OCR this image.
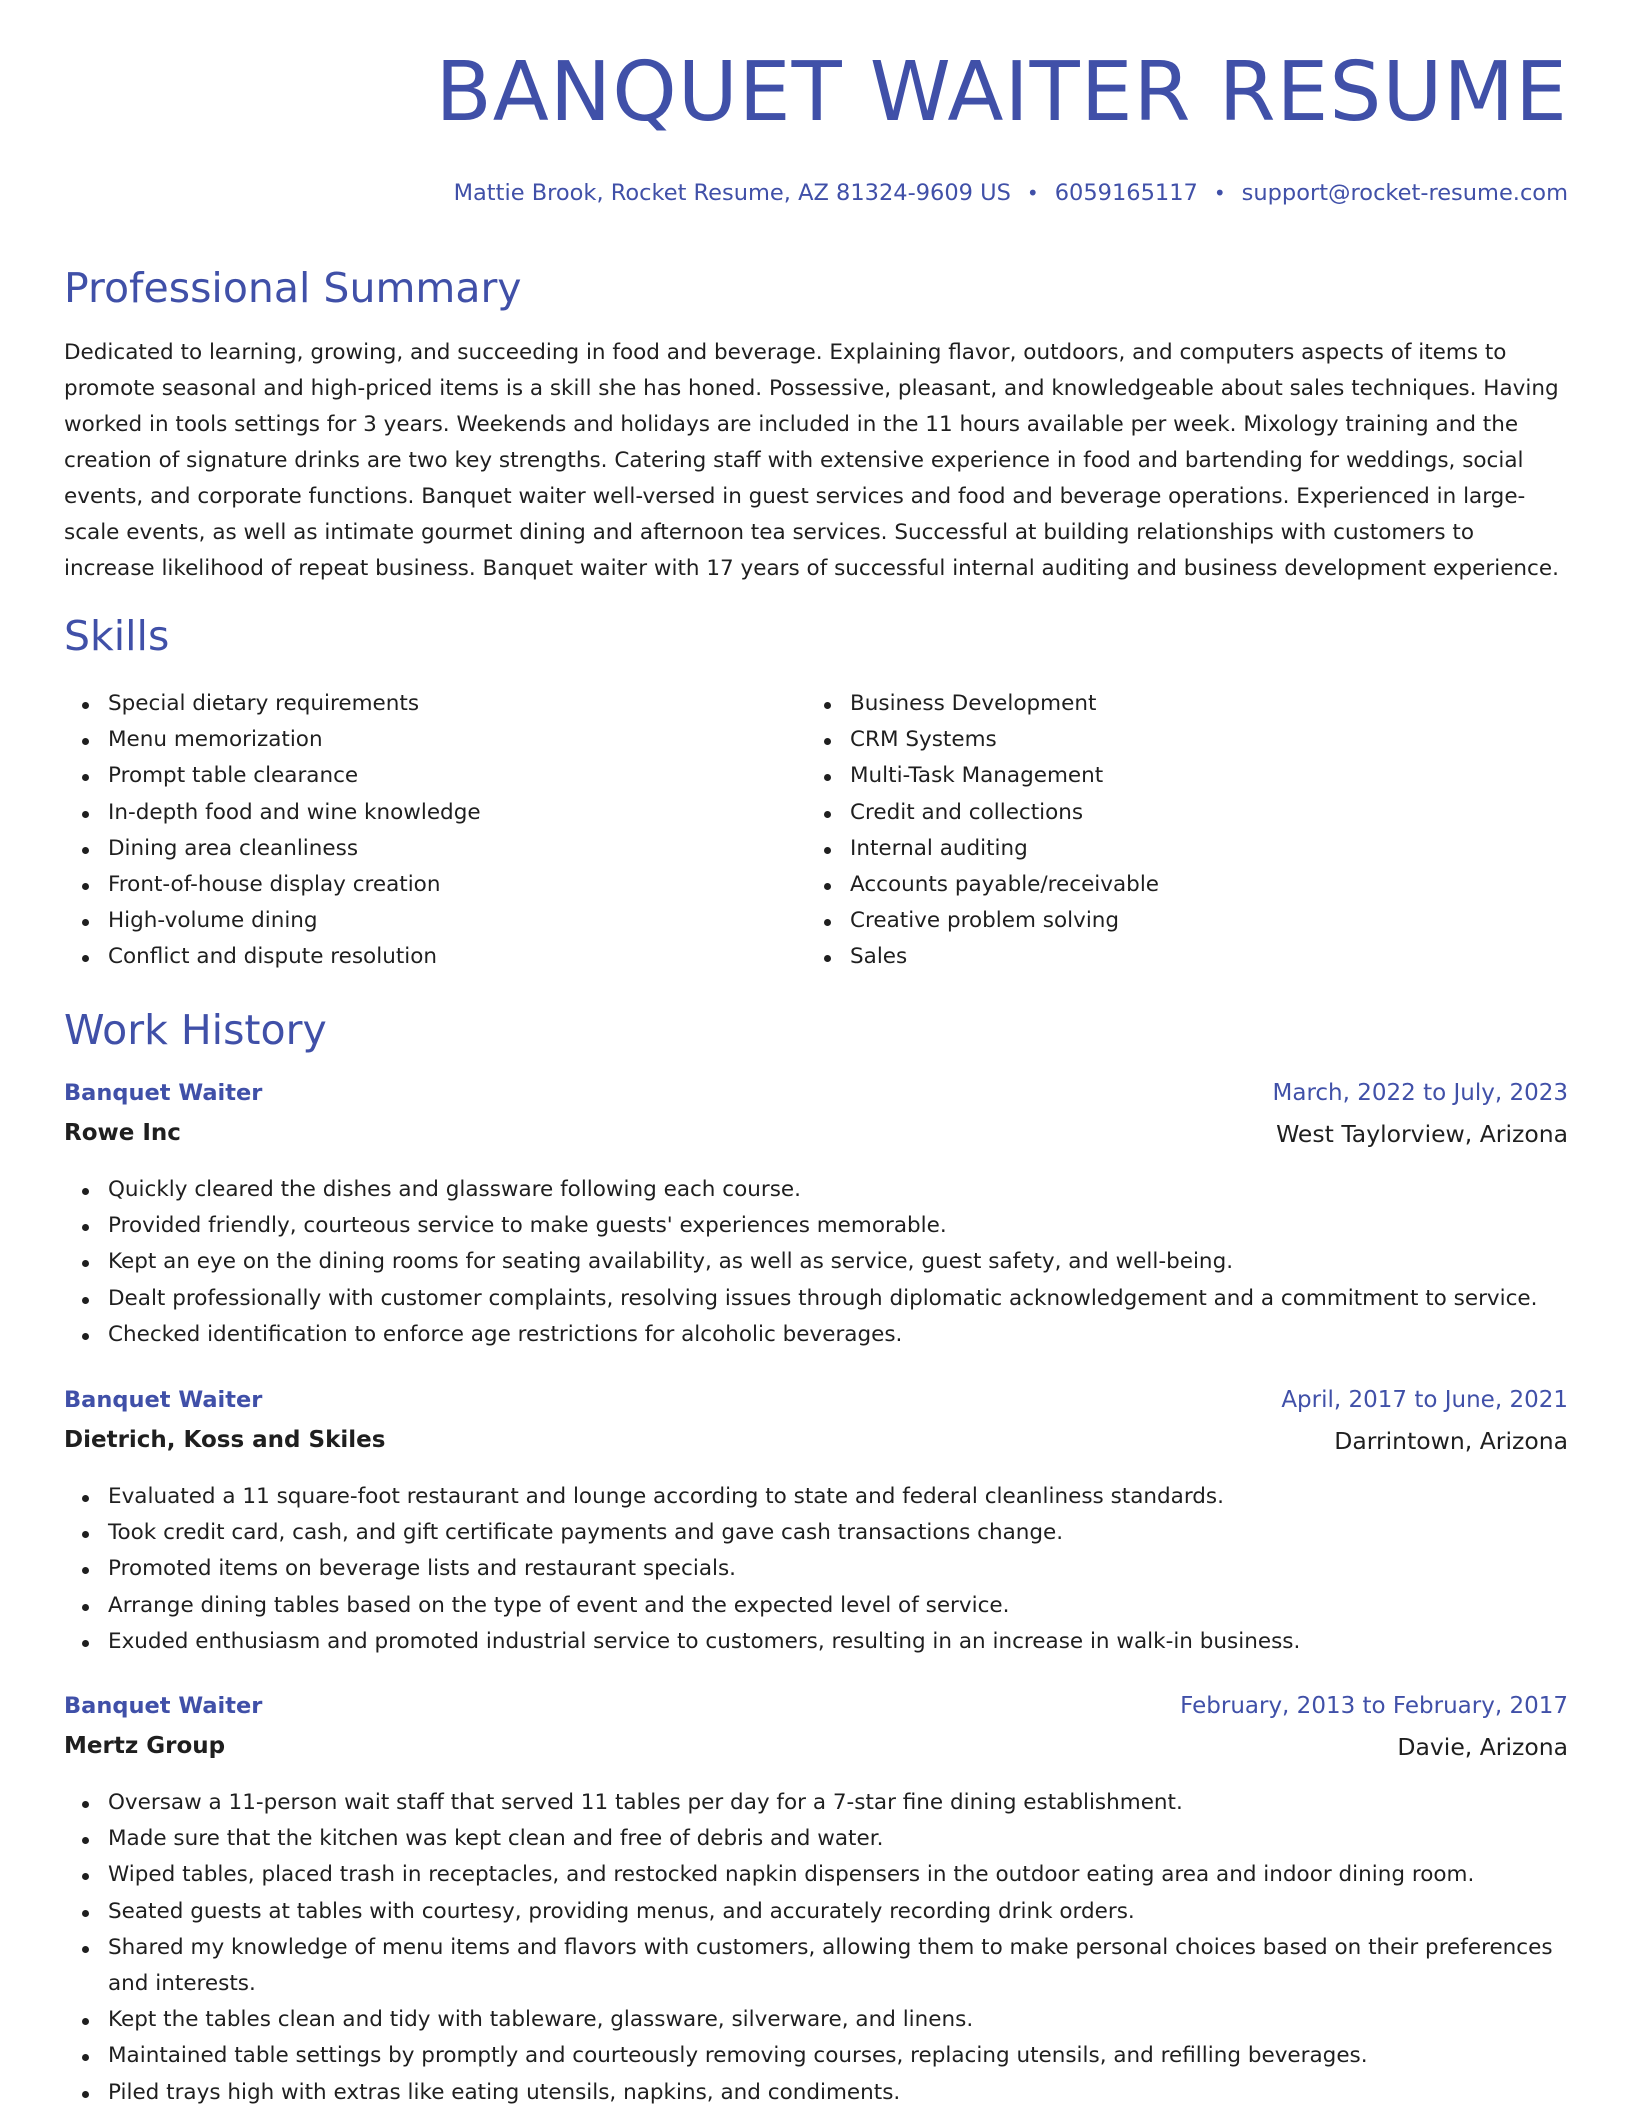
BANQUET WAITER RESUME
Mattie Brook, Rocket Resume, AZ 81324-9609 US • 6059165117 • support@rocket-resume.com
Professional Summary

Dedicated to learning, growing, and succeeding in food and beverage. Explaining flavor, outdoors, and computers aspects of items to promote seasonal and high-priced items is a skill she has honed. Possessive, pleasant, and knowledgeable about sales techniques. Having worked in tools settings for 3 years. Weekends and holidays are included in the 11 hours available per week. Mixology training and the creation of signature drinks are two key strengths. Catering staff with extensive experience in food and bartending for weddings, social events, and corporate functions. Banquet waiter well-versed in guest services and food and beverage operations. Experienced in large-scale events, as well as intimate gourmet dining and afternoon tea services. Successful at building relationships with customers to increase likelihood of repeat business. Banquet waiter with 17 years of successful internal auditing and business development experience.

Skills
Special dietary requirements
Menu memorization
Prompt table clearance
In-depth food and wine knowledge
Dining area cleanliness
Front-of-house display creation
High-volume dining
Conflict and dispute resolution
Business Development
CRM Systems
Multi-Task Management
Credit and collections
Internal auditing
Accounts payable/receivable
Creative problem solving
Sales
Work History
Banquet Waiter	March, 2022 to July, 2023
Rowe Inc	West Taylorview, Arizona
Quickly cleared the dishes and glassware following each course.
Provided friendly, courteous service to make guests' experiences memorable.
Kept an eye on the dining rooms for seating availability, as well as service, guest safety, and well-being.
Dealt professionally with customer complaints, resolving issues through diplomatic acknowledgement and a commitment to service.
Checked identification to enforce age restrictions for alcoholic beverages.
Banquet Waiter	April, 2017 to June, 2021
Dietrich, Koss and Skiles	Darrintown, Arizona
Evaluated a 11 square-foot restaurant and lounge according to state and federal cleanliness standards.
Took credit card, cash, and gift certificate payments and gave cash transactions change.
Promoted items on beverage lists and restaurant specials.
Arrange dining tables based on the type of event and the expected level of service.
Exuded enthusiasm and promoted industrial service to customers, resulting in an increase in walk-in business.
Banquet Waiter	February, 2013 to February, 2017
Mertz Group	Davie, Arizona
Oversaw a 11-person wait staff that served 11 tables per day for a 7-star fine dining establishment.
Made sure that the kitchen was kept clean and free of debris and water.
Wiped tables, placed trash in receptacles, and restocked napkin dispensers in the outdoor eating area and indoor dining room.
Seated guests at tables with courtesy, providing menus, and accurately recording drink orders.
Shared my knowledge of menu items and flavors with customers, allowing them to make personal choices based on their preferences and interests.
Kept the tables clean and tidy with tableware, glassware, silverware, and linens.
Maintained table settings by promptly and courteously removing courses, replacing utensils, and refilling beverages.
Piled trays high with extras like eating utensils, napkins, and condiments.
